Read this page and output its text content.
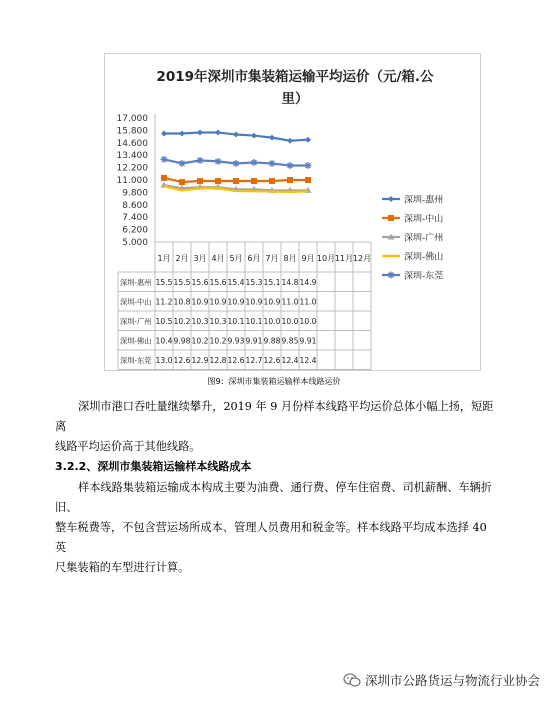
2019年深圳市集装箱运输平均运价（元/箱.公
里）
17.000
15.800
14.600
13.400
12.200
11.000
9.800
8.600
7.400
6.200
5.000
1月 2月 3月 4月 5月 6月 7月 8月 9月 10月 11月 12月
深圳-惠州 15.5 15.5 15.6 15.6 15.4 15.3 15.1 14.8 14.9
深圳-中山 11.2 10.8 10.9 10.9 10.9 10.9 10.9 11.0 11.0
深圳-广州 10.5 10.2 10.3 10.3 10.1 10.1 10.0 10.0 10.0
深圳-佛山 10.4 9.98 10.2 10.2 9.93 9.91 9.88 9.85 9.91
深圳-东莞 13.0 12.6 12.9 12.8 12.6 12.7 12.6 12.4 12.4
深圳-惠州
深圳-中山
深圳-广州
深圳-佛山
深圳-东莞
图9：深圳市集装箱运输样本线路运价
深圳市港口吞吐量继续攀升，2019 年 9 月份样本线路平均运价总体小幅上扬，短距离
线路平均运价高于其他线路。
3.2.2、深圳市集装箱运输样本线路成本
样本线路集装箱运输成本构成主要为油费、通行费、停车住宿费、司机薪酬、车辆折旧、
整车税费等，不包含营运场所成本、管理人员费用和税金等。样本线路平均成本选择 40 英
尺集装箱的车型进行计算。
深圳市公路货运与物流行业协会
